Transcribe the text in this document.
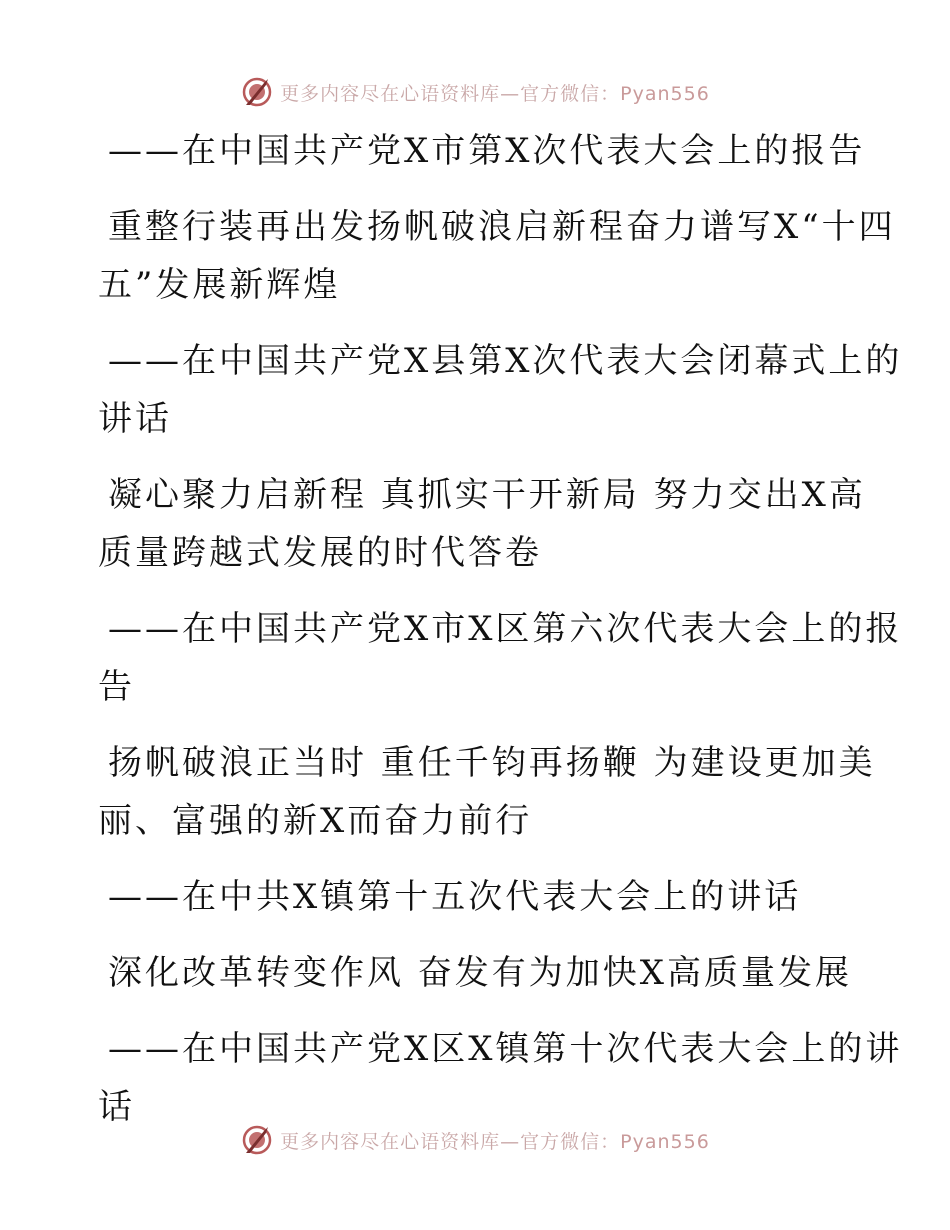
更多内容尽在心语资料库—官方微信：Pyan556

——在中国共产党X市第X次代表大会上的报告

重整行装再出发扬帆破浪启新程奋力谱写X“十四

五”发展新辉煌

——在中国共产党X县第X次代表大会闭幕式上的

讲话

凝心聚力启新程 真抓实干开新局 努力交出X高

质量跨越式发展的时代答卷

——在中国共产党X市X区第六次代表大会上的报

告

扬帆破浪正当时 重任千钧再扬鞭 为建设更加美

丽、富强的新X而奋力前行

——在中共X镇第十五次代表大会上的讲话

深化改革转变作风 奋发有为加快X高质量发展

——在中国共产党X区X镇第十次代表大会上的讲

话

更多内容尽在心语资料库—官方微信：Pyan556
